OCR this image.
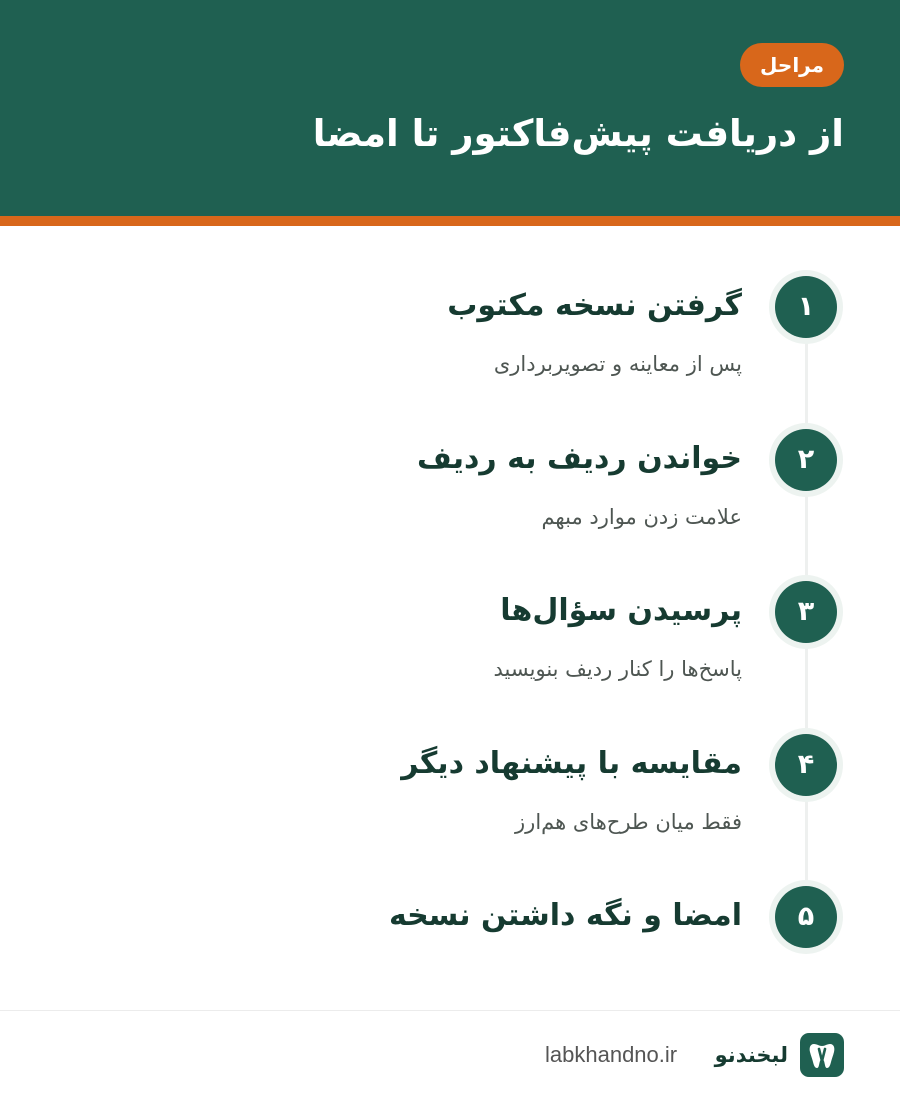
مراحل
از دریافت پیش‌فاکتور تا امضا
۱
گرفتن نسخه مکتوب

پس از معاینه و تصویربرداری

۲
خواندن ردیف به ردیف

علامت زدن موارد مبهم

۳
پرسیدن سؤال‌ها

پاسخ‌ها را کنار ردیف بنویسید

۴
مقایسه با پیشنهاد دیگر

فقط میان طرح‌های هم‌ارز

۵
امضا و نگه داشتن نسخه
لبخندنو
labkhandno.ir
